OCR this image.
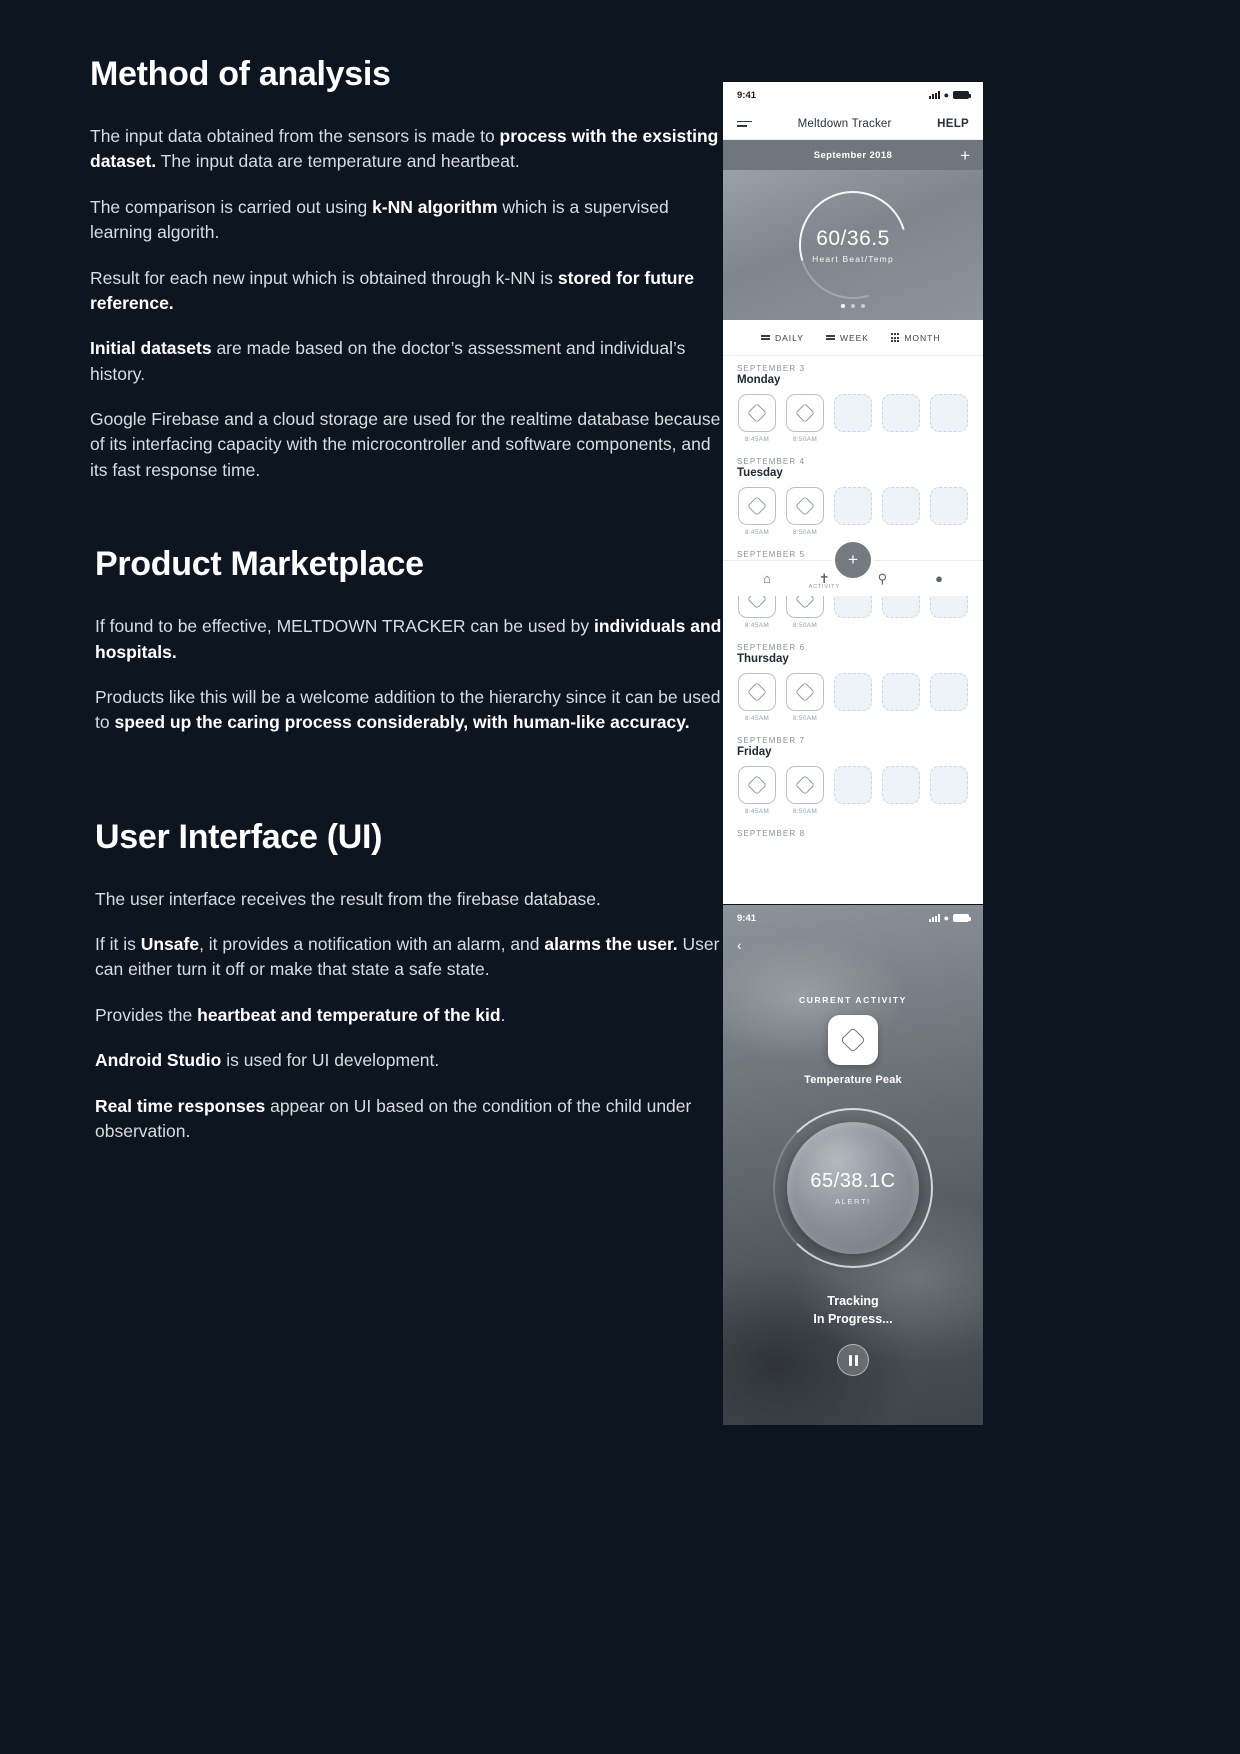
Method of analysis

The input data obtained from the sensors is made to process with the exsisting dataset. The input data are temperature and heartbeat.

The comparison is carried out using k-NN algorithm which is a supervised learning algorith.

Result for each new input which is obtained through k-NN is stored for future reference.

Initial datasets are made based on the doctor’s assessment and individual’s history.

Google Firebase and a cloud storage are used for the realtime database because of its interfacing capacity with the microcontroller and software components, and its fast response time.

Product Marketplace

If found to be effective, MELTDOWN TRACKER can be used by individuals and hospitals.

Products like this will be a welcome addition to the hierarchy since it can be used to speed up the caring process considerably, with human-like accuracy.

User Interface (UI)

The user interface receives the result from the firebase database.

If it is Unsafe, it provides a notification with an alarm, and alarms the user. User can either turn it off or make that state a safe state.

Provides the heartbeat and temperature of the kid.

Android Studio is used for UI development.

Real time responses appear on UI based on the condition of the child under observation.

9:41	●
Meltdown Tracker	HELP
September 2018	+
60/36.5
Heart Beat/Temp
DAILY	WEEK	MONTH
SEPTEMBER 3
Monday
8:45AM	8:50AM
SEPTEMBER 4
Tuesday
8:45AM	8:50AM
SEPTEMBER 5
8:45AM	8:50AM
SEPTEMBER 6
Thursday
8:45AM	8:50AM
SEPTEMBER 7
Friday
8:45AM	8:50AM
SEPTEMBER 8
⌂	✝
ACTIVITY
+
⚲	●
9:41	●
‹
CURRENT ACTIVITY
Temperature Peak
65/38.1C
ALERT!
Tracking
In Progress...
